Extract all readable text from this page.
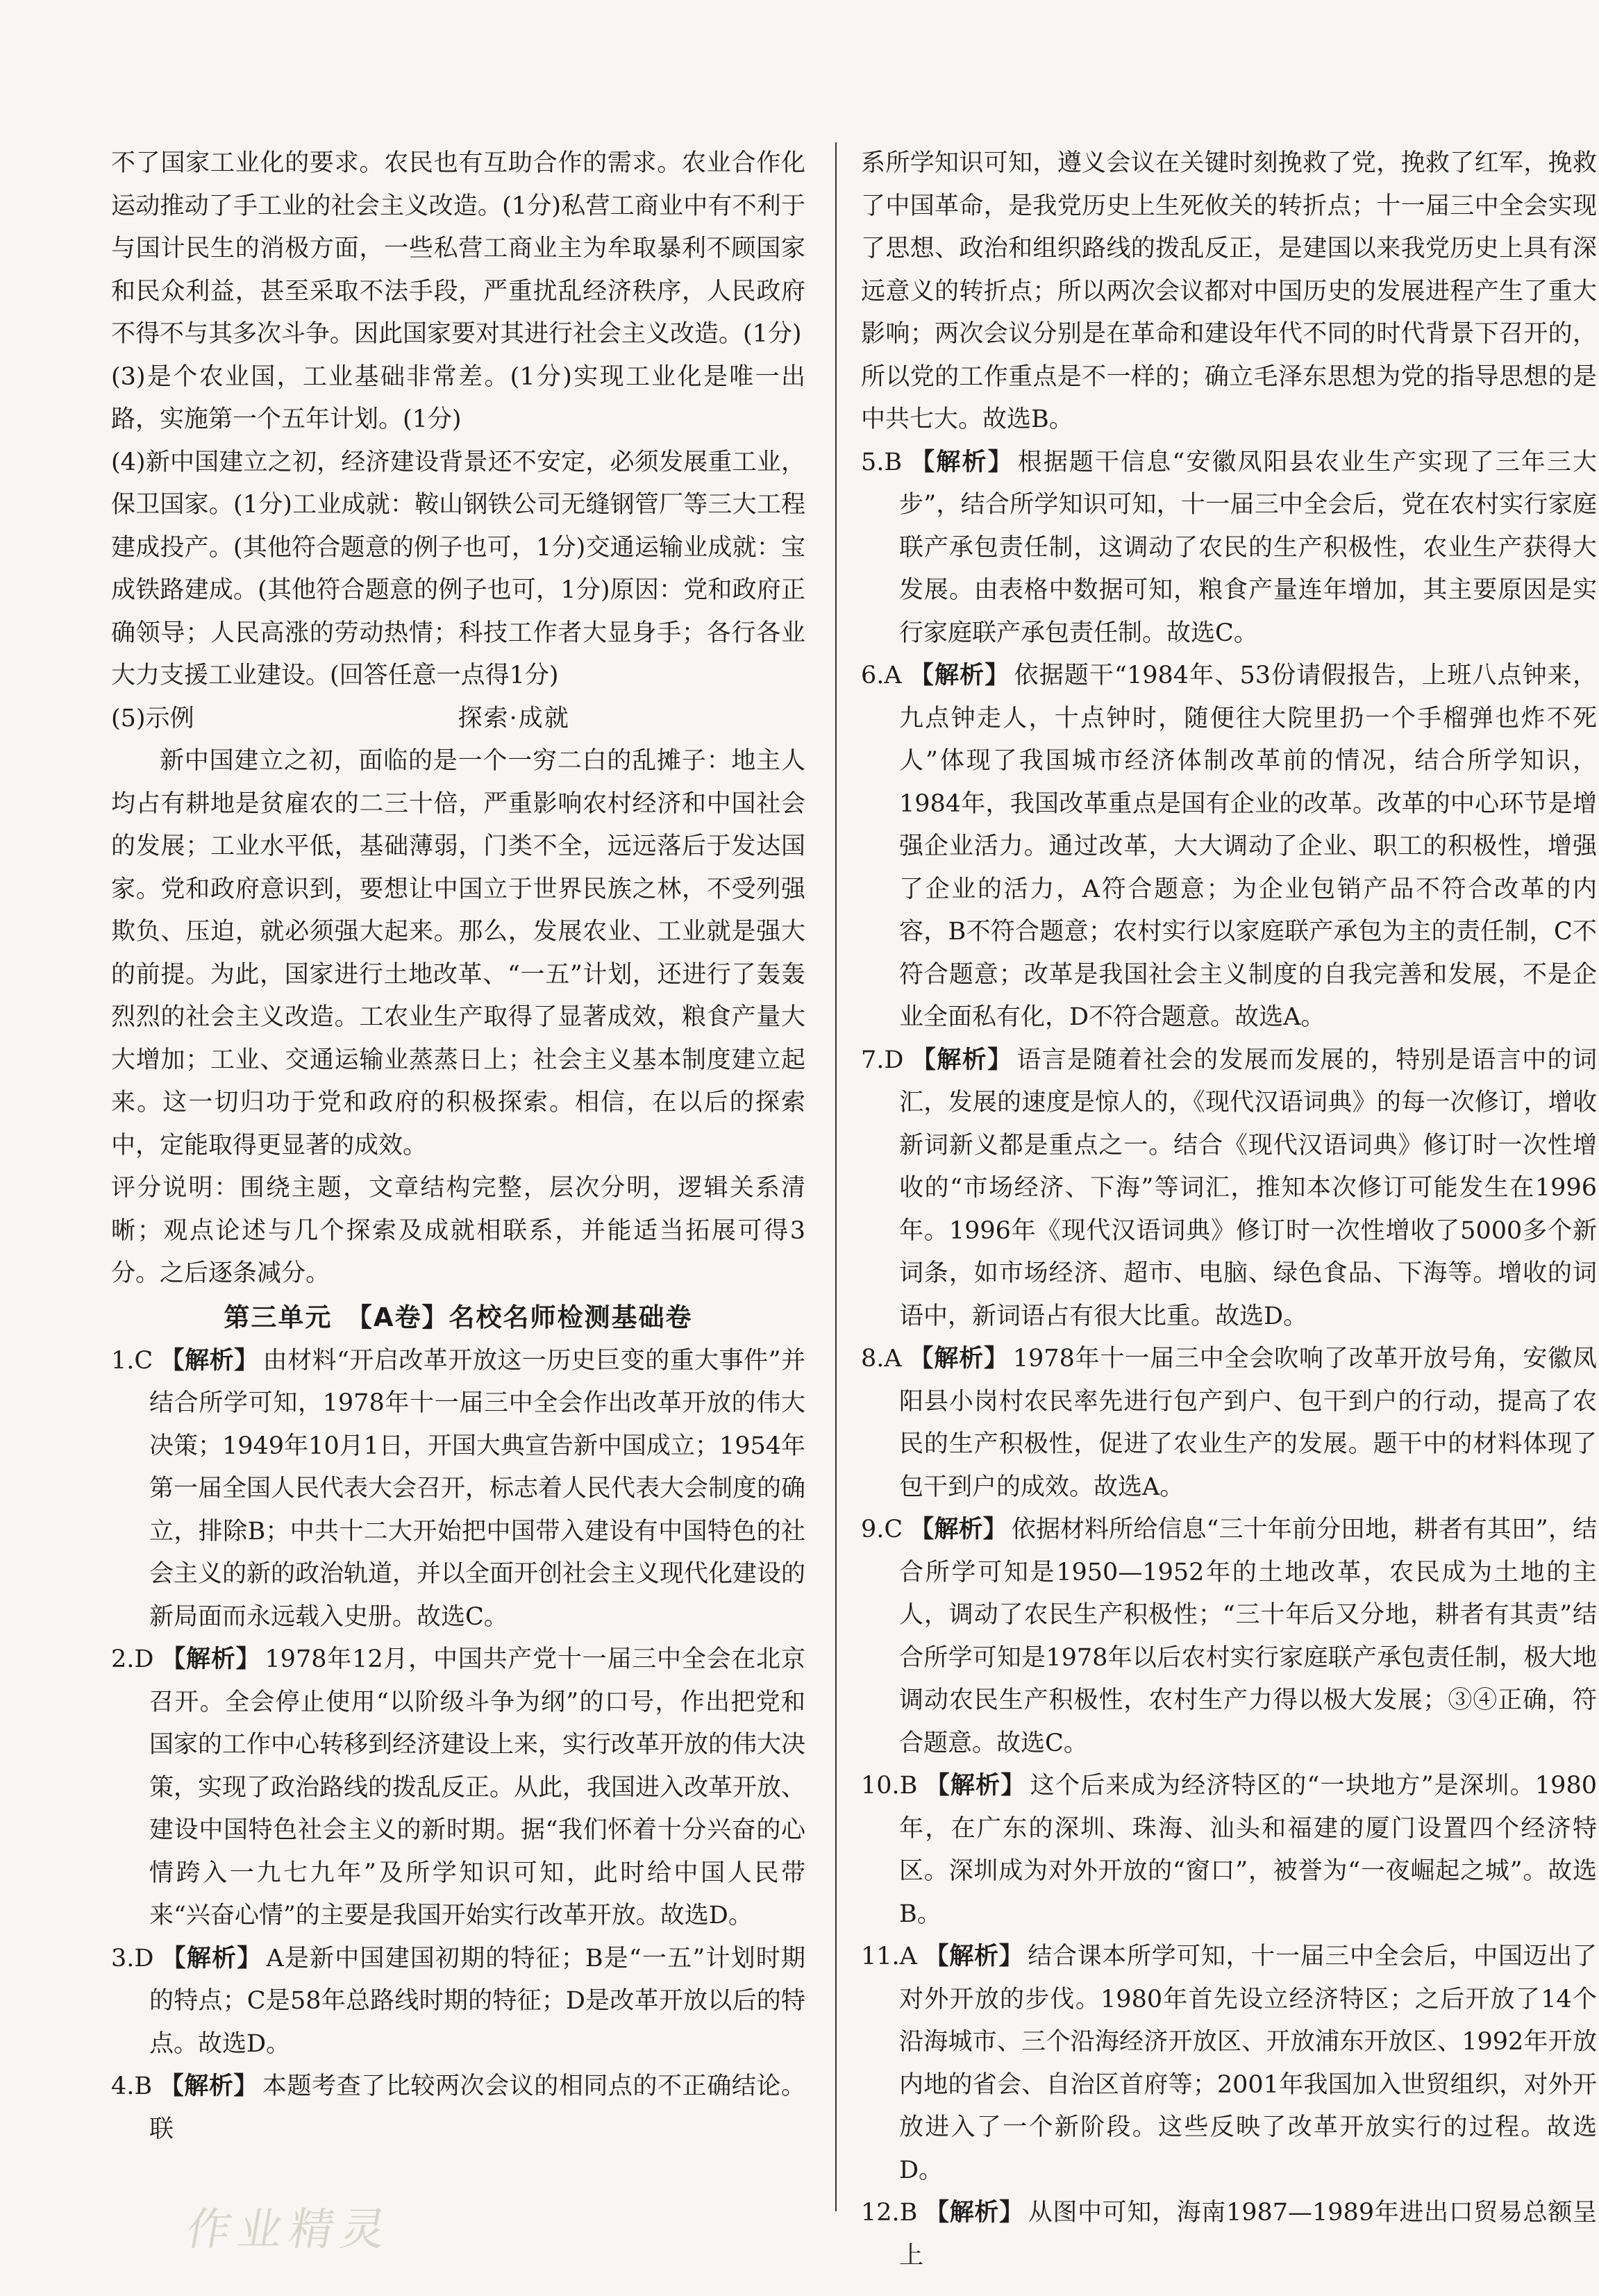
不了国家工业化的要求。农民也有互助合作的需求。农业合作化运动推动了手工业的社会主义改造。(1分)私营工商业中有不利于与国计民生的消极方面，一些私营工商业主为牟取暴利不顾国家和民众利益，甚至采取不法手段，严重扰乱经济秩序，人民政府不得不与其多次斗争。因此国家要对其进行社会主义改造。(1分)

(3)是个农业国，工业基础非常差。(1分)实现工业化是唯一出路，实施第一个五年计划。(1分)

(4)新中国建立之初，经济建设背景还不安定，必须发展重工业，保卫国家。(1分)工业成就：鞍山钢铁公司无缝钢管厂等三大工程建成投产。(其他符合题意的例子也可，1分)交通运输业成就：宝成铁路建成。(其他符合题意的例子也可，1分)原因：党和政府正确领导；人民高涨的劳动热情；科技工作者大显身手；各行各业大力支援工业建设。(回答任意一点得1分)

(5)示例	探索·成就

新中国建立之初，面临的是一个一穷二白的乱摊子：地主人均占有耕地是贫雇农的二三十倍，严重影响农村经济和中国社会的发展；工业水平低，基础薄弱，门类不全，远远落后于发达国家。党和政府意识到，要想让中国立于世界民族之林，不受列强欺负、压迫，就必须强大起来。那么，发展农业、工业就是强大的前提。为此，国家进行土地改革、“一五”计划，还进行了轰轰烈烈的社会主义改造。工农业生产取得了显著成效，粮食产量大大增加；工业、交通运输业蒸蒸日上；社会主义基本制度建立起来。这一切归功于党和政府的积极探索。相信，在以后的探索中，定能取得更显著的成效。

评分说明：围绕主题，文章结构完整，层次分明，逻辑关系清晰；观点论述与几个探索及成就相联系，并能适当拓展可得3分。之后逐条减分。

第三单元　【A卷】名校名师检测基础卷

1.C 【解析】 由材料“开启改革开放这一历史巨变的重大事件”并结合所学可知，1978年十一届三中全会作出改革开放的伟大决策；1949年10月1日，开国大典宣告新中国成立；1954年第一届全国人民代表大会召开，标志着人民代表大会制度的确立，排除B；中共十二大开始把中国带入建设有中国特色的社会主义的新的政治轨道，并以全面开创社会主义现代化建设的新局面而永远载入史册。故选C。

2.D 【解析】 1978年12月，中国共产党十一届三中全会在北京召开。全会停止使用“以阶级斗争为纲”的口号，作出把党和国家的工作中心转移到经济建设上来，实行改革开放的伟大决策，实现了政治路线的拨乱反正。从此，我国进入改革开放、建设中国特色社会主义的新时期。据“我们怀着十分兴奋的心情跨入一九七九年”及所学知识可知，此时给中国人民带来“兴奋心情”的主要是我国开始实行改革开放。故选D。

3.D 【解析】 A是新中国建国初期的特征；B是“一五”计划时期的特点；C是58年总路线时期的特征；D是改革开放以后的特点。故选D。

4.B 【解析】 本题考查了比较两次会议的相同点的不正确结论。联

系所学知识可知，遵义会议在关键时刻挽救了党，挽救了红军，挽救了中国革命，是我党历史上生死攸关的转折点；十一届三中全会实现了思想、政治和组织路线的拨乱反正，是建国以来我党历史上具有深远意义的转折点；所以两次会议都对中国历史的发展进程产生了重大影响；两次会议分别是在革命和建设年代不同的时代背景下召开的，所以党的工作重点是不一样的；确立毛泽东思想为党的指导思想的是中共七大。故选B。

5.B 【解析】 根据题干信息“安徽凤阳县农业生产实现了三年三大步”，结合所学知识可知，十一届三中全会后，党在农村实行家庭联产承包责任制，这调动了农民的生产积极性，农业生产获得大发展。由表格中数据可知，粮食产量连年增加，其主要原因是实行家庭联产承包责任制。故选C。

6.A 【解析】 依据题干“1984年、53份请假报告，上班八点钟来，九点钟走人，十点钟时，随便往大院里扔一个手榴弹也炸不死人”体现了我国城市经济体制改革前的情况，结合所学知识，1984年，我国改革重点是国有企业的改革。改革的中心环节是增强企业活力。通过改革，大大调动了企业、职工的积极性，增强了企业的活力，A符合题意；为企业包销产品不符合改革的内容，B不符合题意；农村实行以家庭联产承包为主的责任制，C不符合题意；改革是我国社会主义制度的自我完善和发展，不是企业全面私有化，D不符合题意。故选A。

7.D 【解析】 语言是随着社会的发展而发展的，特别是语言中的词汇，发展的速度是惊人的，《现代汉语词典》的每一次修订，增收新词新义都是重点之一。结合《现代汉语词典》修订时一次性增收的“市场经济、下海”等词汇，推知本次修订可能发生在1996年。1996年《现代汉语词典》修订时一次性增收了5000多个新词条，如市场经济、超市、电脑、绿色食品、下海等。增收的词语中，新词语占有很大比重。故选D。

8.A 【解析】 1978年十一届三中全会吹响了改革开放号角，安徽凤阳县小岗村农民率先进行包产到户、包干到户的行动，提高了农民的生产积极性，促进了农业生产的发展。题干中的材料体现了包干到户的成效。故选A。

9.C 【解析】 依据材料所给信息“三十年前分田地，耕者有其田”，结合所学可知是1950—1952年的土地改革，农民成为土地的主人，调动了农民生产积极性；“三十年后又分地，耕者有其责”结合所学可知是1978年以后农村实行家庭联产承包责任制，极大地调动农民生产积极性，农村生产力得以极大发展；③④正确，符合题意。故选C。

10.B 【解析】 这个后来成为经济特区的“一块地方”是深圳。1980年，在广东的深圳、珠海、汕头和福建的厦门设置四个经济特区。深圳成为对外开放的“窗口”，被誉为“一夜崛起之城”。故选B。

11.A 【解析】 结合课本所学可知，十一届三中全会后，中国迈出了对外开放的步伐。1980年首先设立经济特区；之后开放了14个沿海城市、三个沿海经济开放区、开放浦东开放区、1992年开放内地的省会、自治区首府等；2001年我国加入世贸组织，对外开放进入了一个新阶段。这些反映了改革开放实行的过程。故选D。

12.B 【解析】 从图中可知，海南1987—1989年进出口贸易总额呈上

作业精灵
